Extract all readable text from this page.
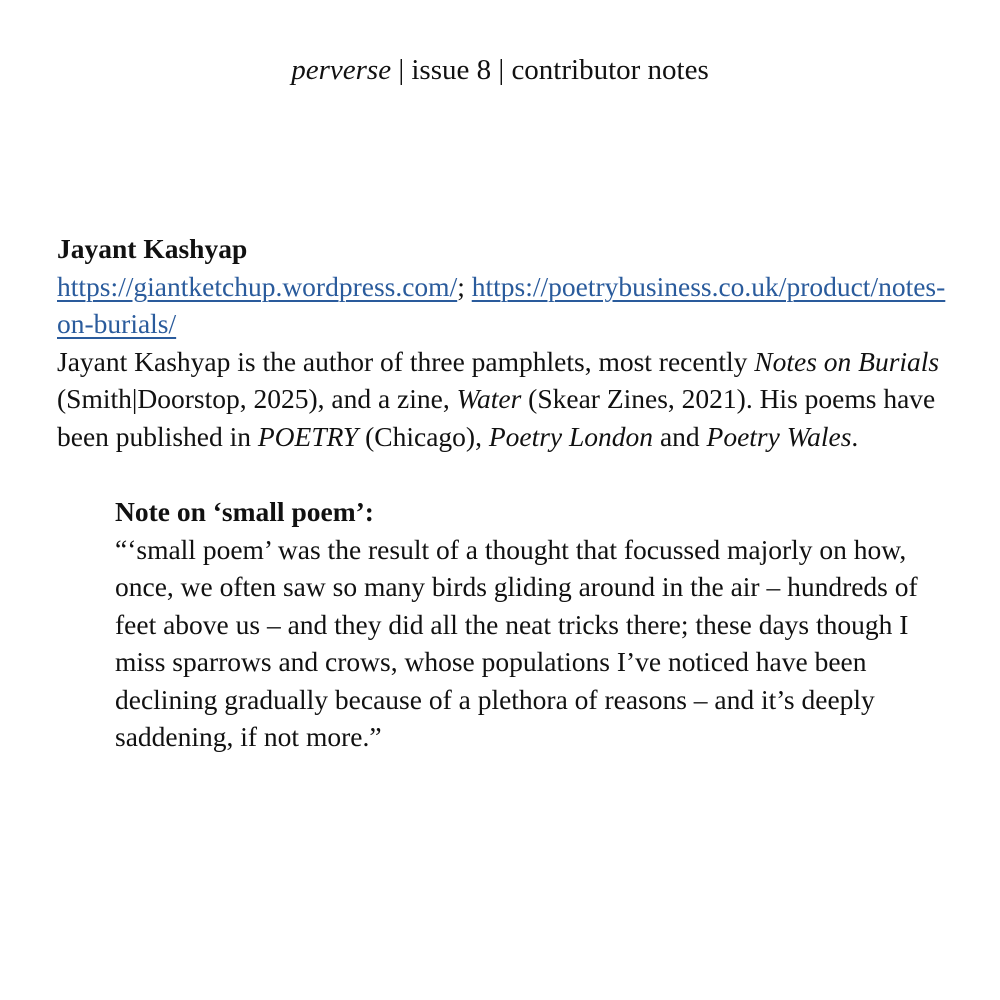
perverse | issue 8 | contributor notes
Jayant Kashyap
https://giantketchup.wordpress.com/; https://poetrybusiness.co.uk/product/notes-on-burials/

Jayant Kashyap is the author of three pamphlets, most recently Notes on Burials (Smith|Doorstop, 2025), and a zine, Water (Skear Zines, 2021). His poems have been published in POETRY (Chicago), Poetry London and Poetry Wales.

Note on ‘small poem’:

“‘small poem’ was the result of a thought that focussed majorly on how, once, we often saw so many birds gliding around in the air – hundreds of feet above us – and they did all the neat tricks there; these days though I miss sparrows and crows, whose populations I’ve noticed have been declining gradually because of a plethora of reasons – and it’s deeply saddening, if not more.”
